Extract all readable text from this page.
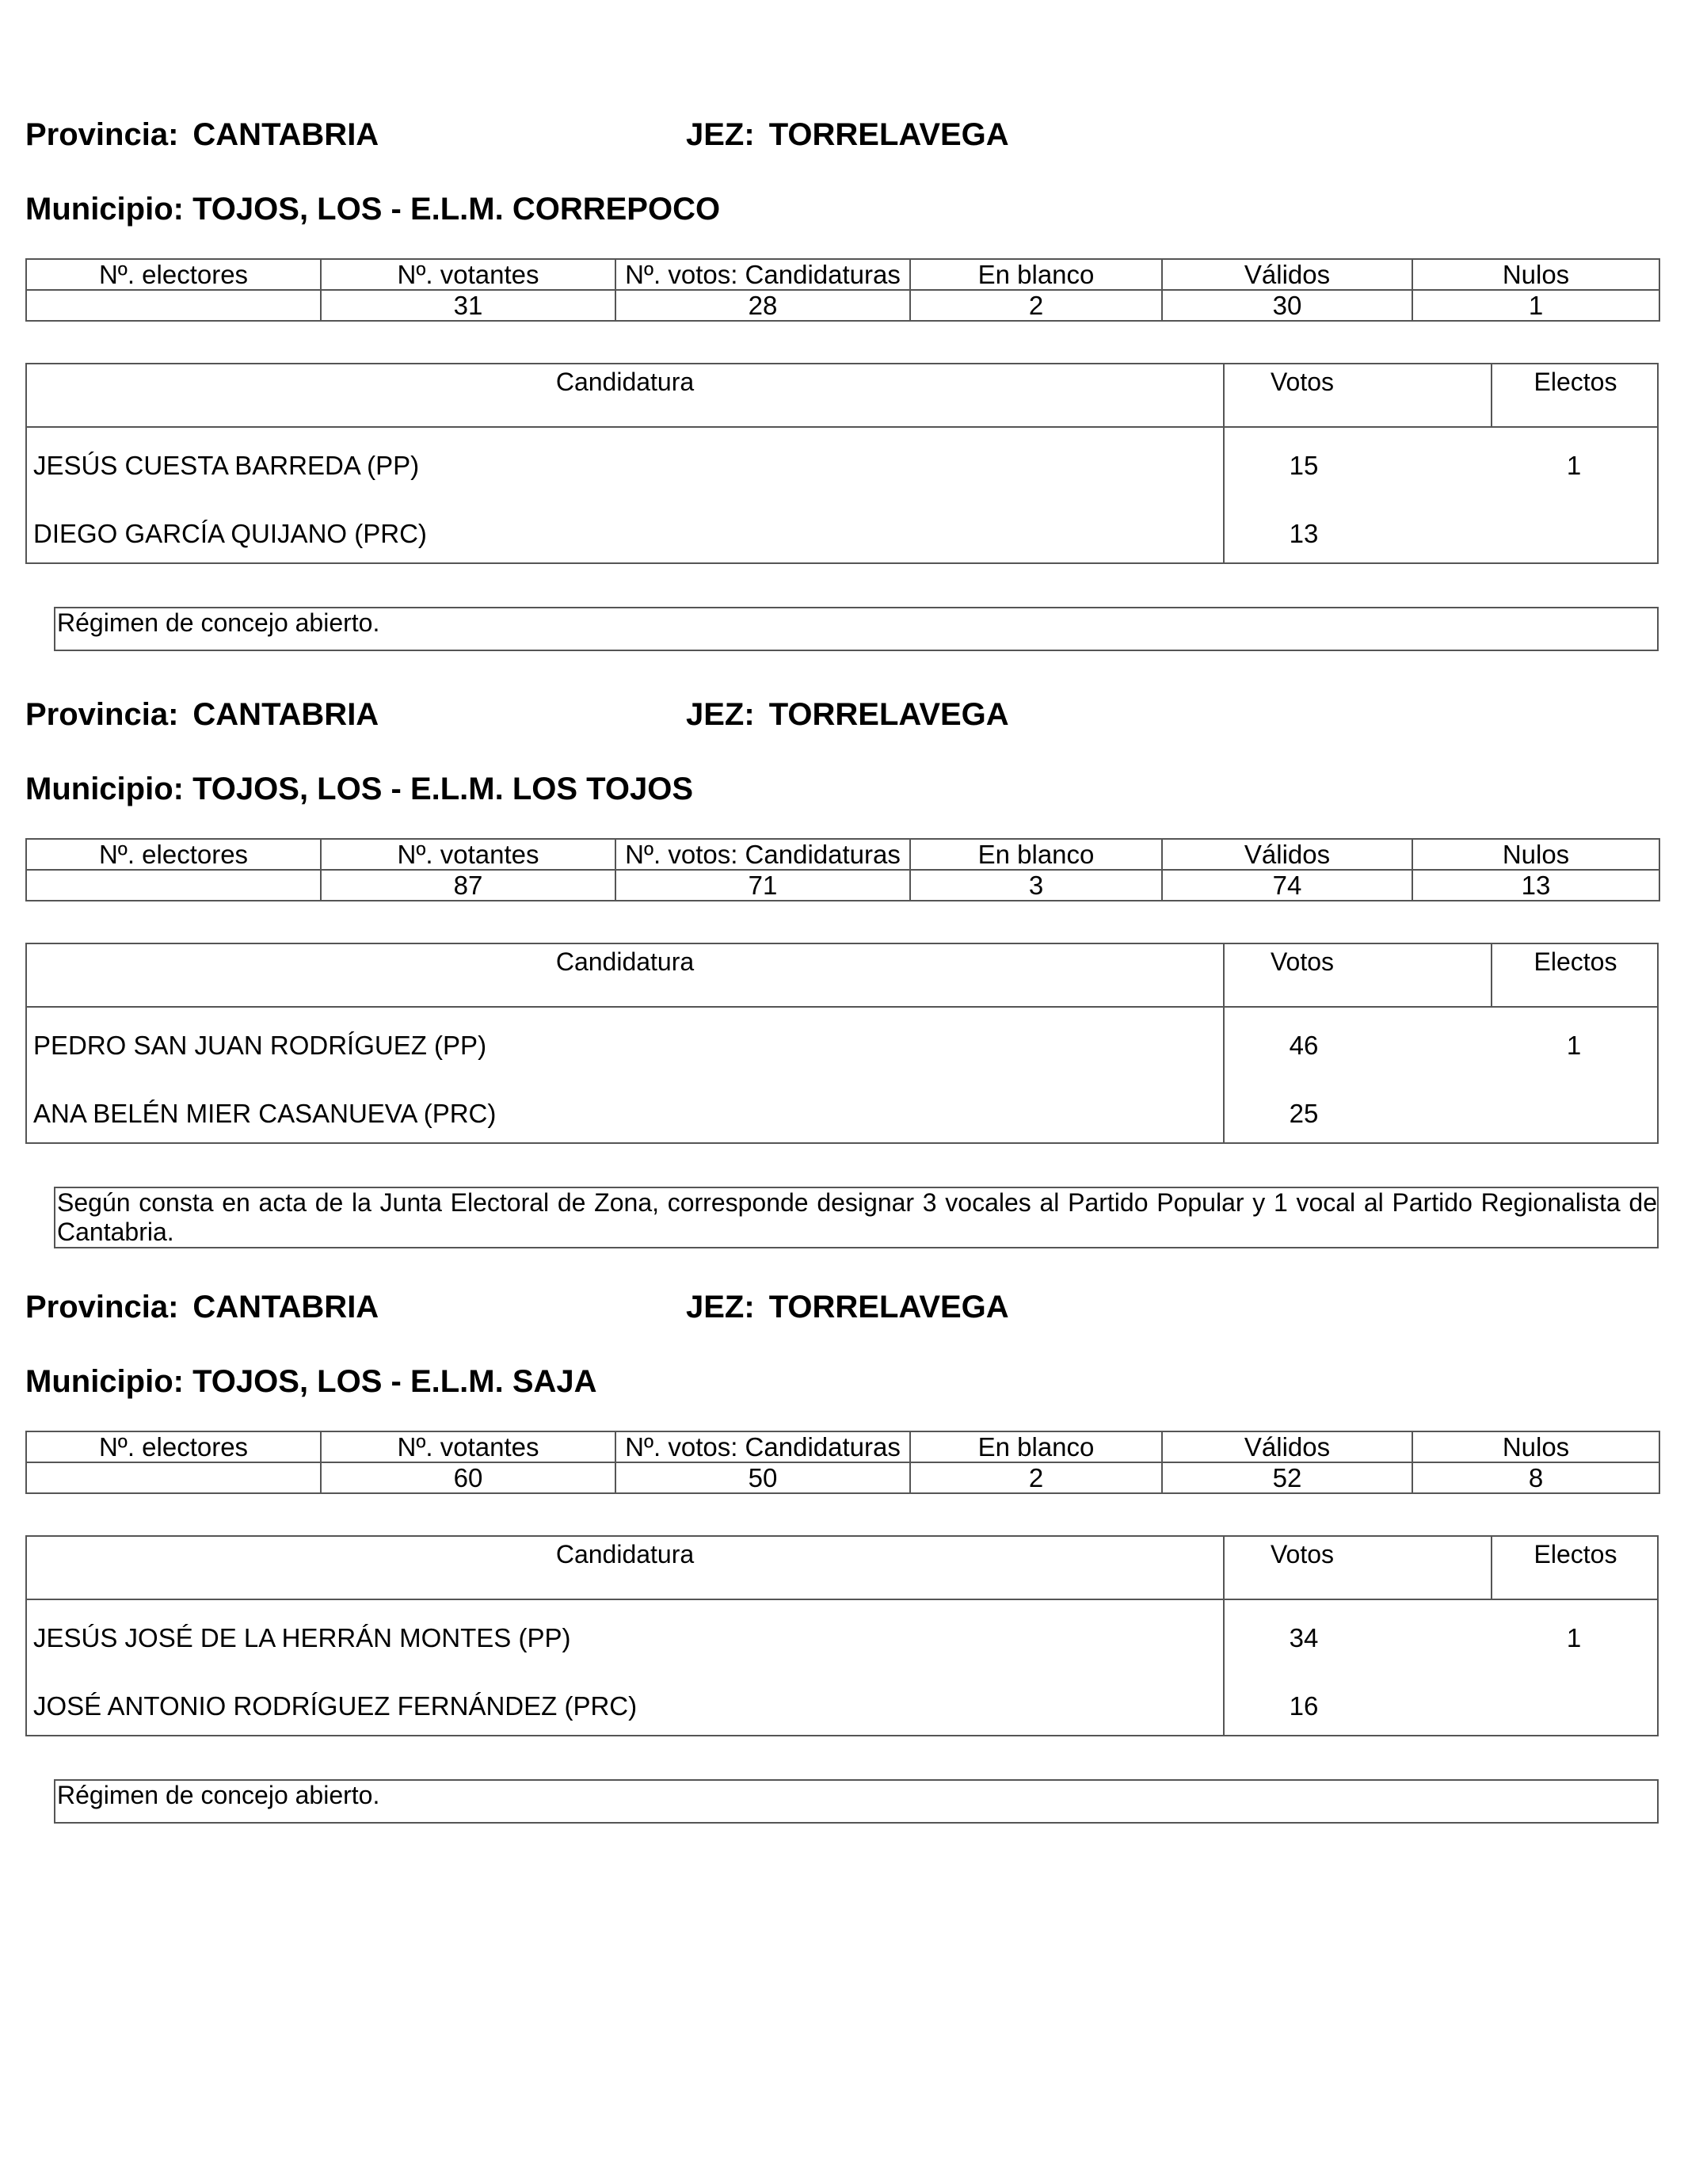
Provincia: CANTABRIA	JEZ: TORRELAVEGA
Municipio: TOJOS, LOS - E.L.M. CORREPOCO
Nº. electores	Nº. votantes	Nº. votos: Candidaturas	En blanco	Válidos	Nulos
	31	28	2	30	1
Candidatura	Votos	Electos
JESÚS CUESTA BARREDA (PP)	15	1
DIEGO GARCÍA QUIJANO (PRC)	13
Régimen de concejo abierto.
Provincia: CANTABRIA	JEZ: TORRELAVEGA
Municipio: TOJOS, LOS - E.L.M. LOS TOJOS
Nº. electores	Nº. votantes	Nº. votos: Candidaturas	En blanco	Válidos	Nulos
	87	71	3	74	13
Candidatura	Votos	Electos
PEDRO SAN JUAN RODRÍGUEZ (PP)	46	1
ANA BELÉN MIER CASANUEVA (PRC)	25
Según consta en acta de la Junta Electoral de Zona, corresponde designar 3 vocales al Partido Popular y 1 vocal al Partido Regionalista de Cantabria.
Provincia: CANTABRIA	JEZ: TORRELAVEGA
Municipio: TOJOS, LOS - E.L.M. SAJA
Nº. electores	Nº. votantes	Nº. votos: Candidaturas	En blanco	Válidos	Nulos
	60	50	2	52	8
Candidatura	Votos	Electos
JESÚS JOSÉ DE LA HERRÁN MONTES (PP)	34	1
JOSÉ ANTONIO RODRÍGUEZ FERNÁNDEZ (PRC)	16
Régimen de concejo abierto.
